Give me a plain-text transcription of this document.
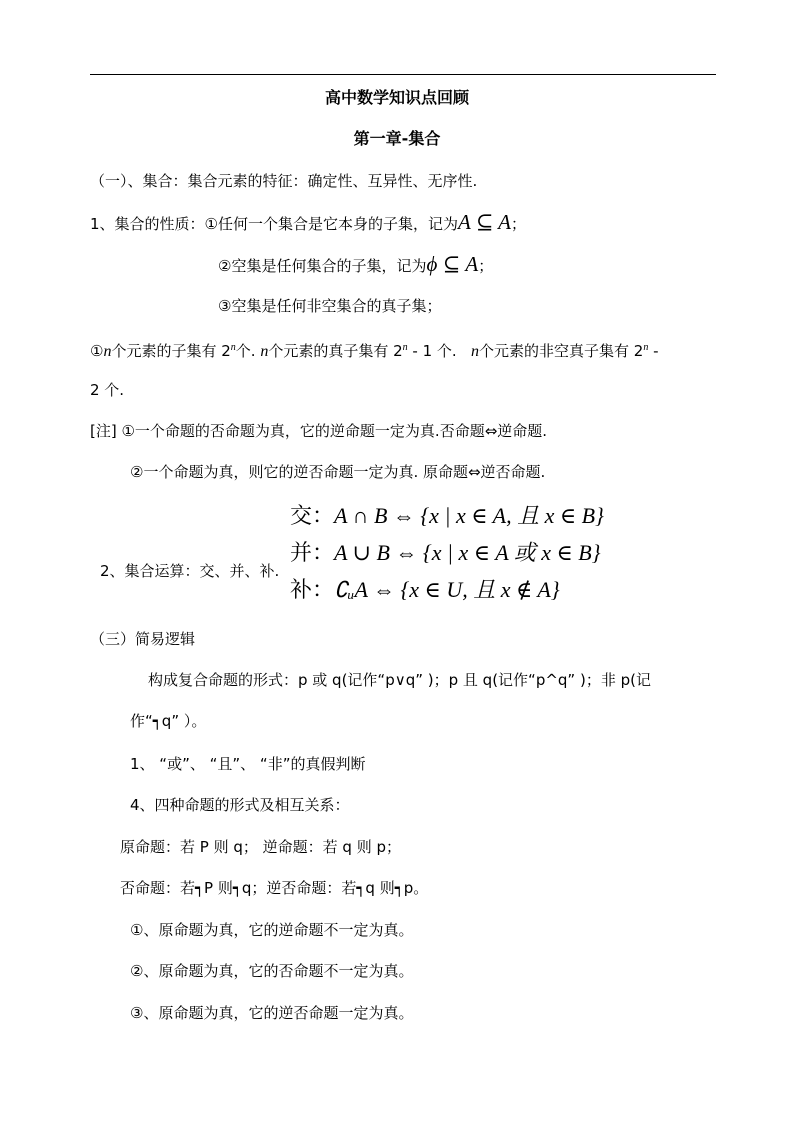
高中数学知识点回顾
第一章-集合
（一）、集合：集合元素的特征：确定性、互异性、无序性.
1、集合的性质：①任何一个集合是它本身的子集，记为A ⊆ A；
②空集是任何集合的子集，记为ϕ ⊆ A；
③空集是任何非空集合的真子集；
①n个元素的子集有 2$^n$个. n个元素的真子集有 2$^n$ - 1 个. n个元素的非空真子集有 2$^n$ -
2 个.
[注] ①一个命题的否命题为真，它的逆命题一定为真.否命题⇔逆命题.
②一个命题为真，则它的逆否命题一定为真. 原命题⇔逆否命题.
交：A ∩ B ⇔ {x | x ∈ A, 且 x ∈ B}
并：A ∪ B ⇔ {x | x ∈ A 或 x ∈ B}
补：∁ᵤA ⇔ {x ∈ U, 且 x ∉ A}
2、集合运算：交、并、补.
（三）简易逻辑
构成复合命题的形式：p 或 q(记作“p∨q” )；p 且 q(记作“p^q” )；非 p(记
作“┑q” ）。
1、 “或”、 “且”、 “非”的真假判断
4、四种命题的形式及相互关系：
原命题：若 P 则 q； 逆命题：若 q 则 p；
否命题：若┑P 则┑q；逆否命题：若┑q 则┑p。
①、原命题为真，它的逆命题不一定为真。
②、原命题为真，它的否命题不一定为真。
③、原命题为真，它的逆否命题一定为真。
